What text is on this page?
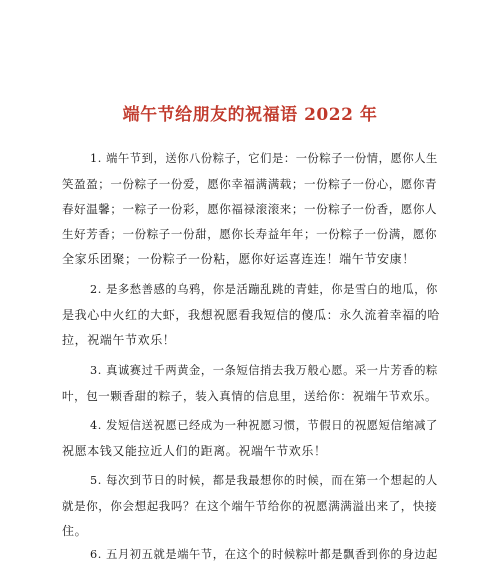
端午节给朋友的祝福语 2022 年
1. 端午节到，送你八份粽子，它们是：一份粽子一份情，愿你人生
笑盈盈；一份粽子一份爱，愿你幸福满满载；一份粽子一份心，愿你青
春好温馨；一粽子一份彩，愿你福禄滚滚来；一份粽子一份香，愿你人
生好芳香；一份粽子一份甜，愿你长寿益年年；一份粽子一份满，愿你
全家乐团聚；一份粽子一份粘，愿你好运喜连连！端午节安康！
2. 是多愁善感的乌鸦，你是活蹦乱跳的青蛙，你是雪白的地瓜，你
是我心中火红的大虾，我想祝愿看我短信的傻瓜：永久流着幸福的哈
拉，祝端午节欢乐！
3. 真诚赛过千两黄金，一条短信捎去我万般心愿。采一片芳香的粽
叶，包一颗香甜的粽子，装入真情的信息里，送给你：祝端午节欢乐。
4. 发短信送祝愿已经成为一种祝愿习惯，节假日的祝愿短信缩减了
祝愿本钱又能拉近人们的距离。祝端午节欢乐！
5. 每次到节日的时候，都是我最想你的时候，而在第一个想起的人
就是你，你会想起我吗？在这个端午节给你的祝愿满满溢出来了，快接
住。
6. 五月初五就是端午节，在这个的时候粽叶都是飘香到你的身边起
